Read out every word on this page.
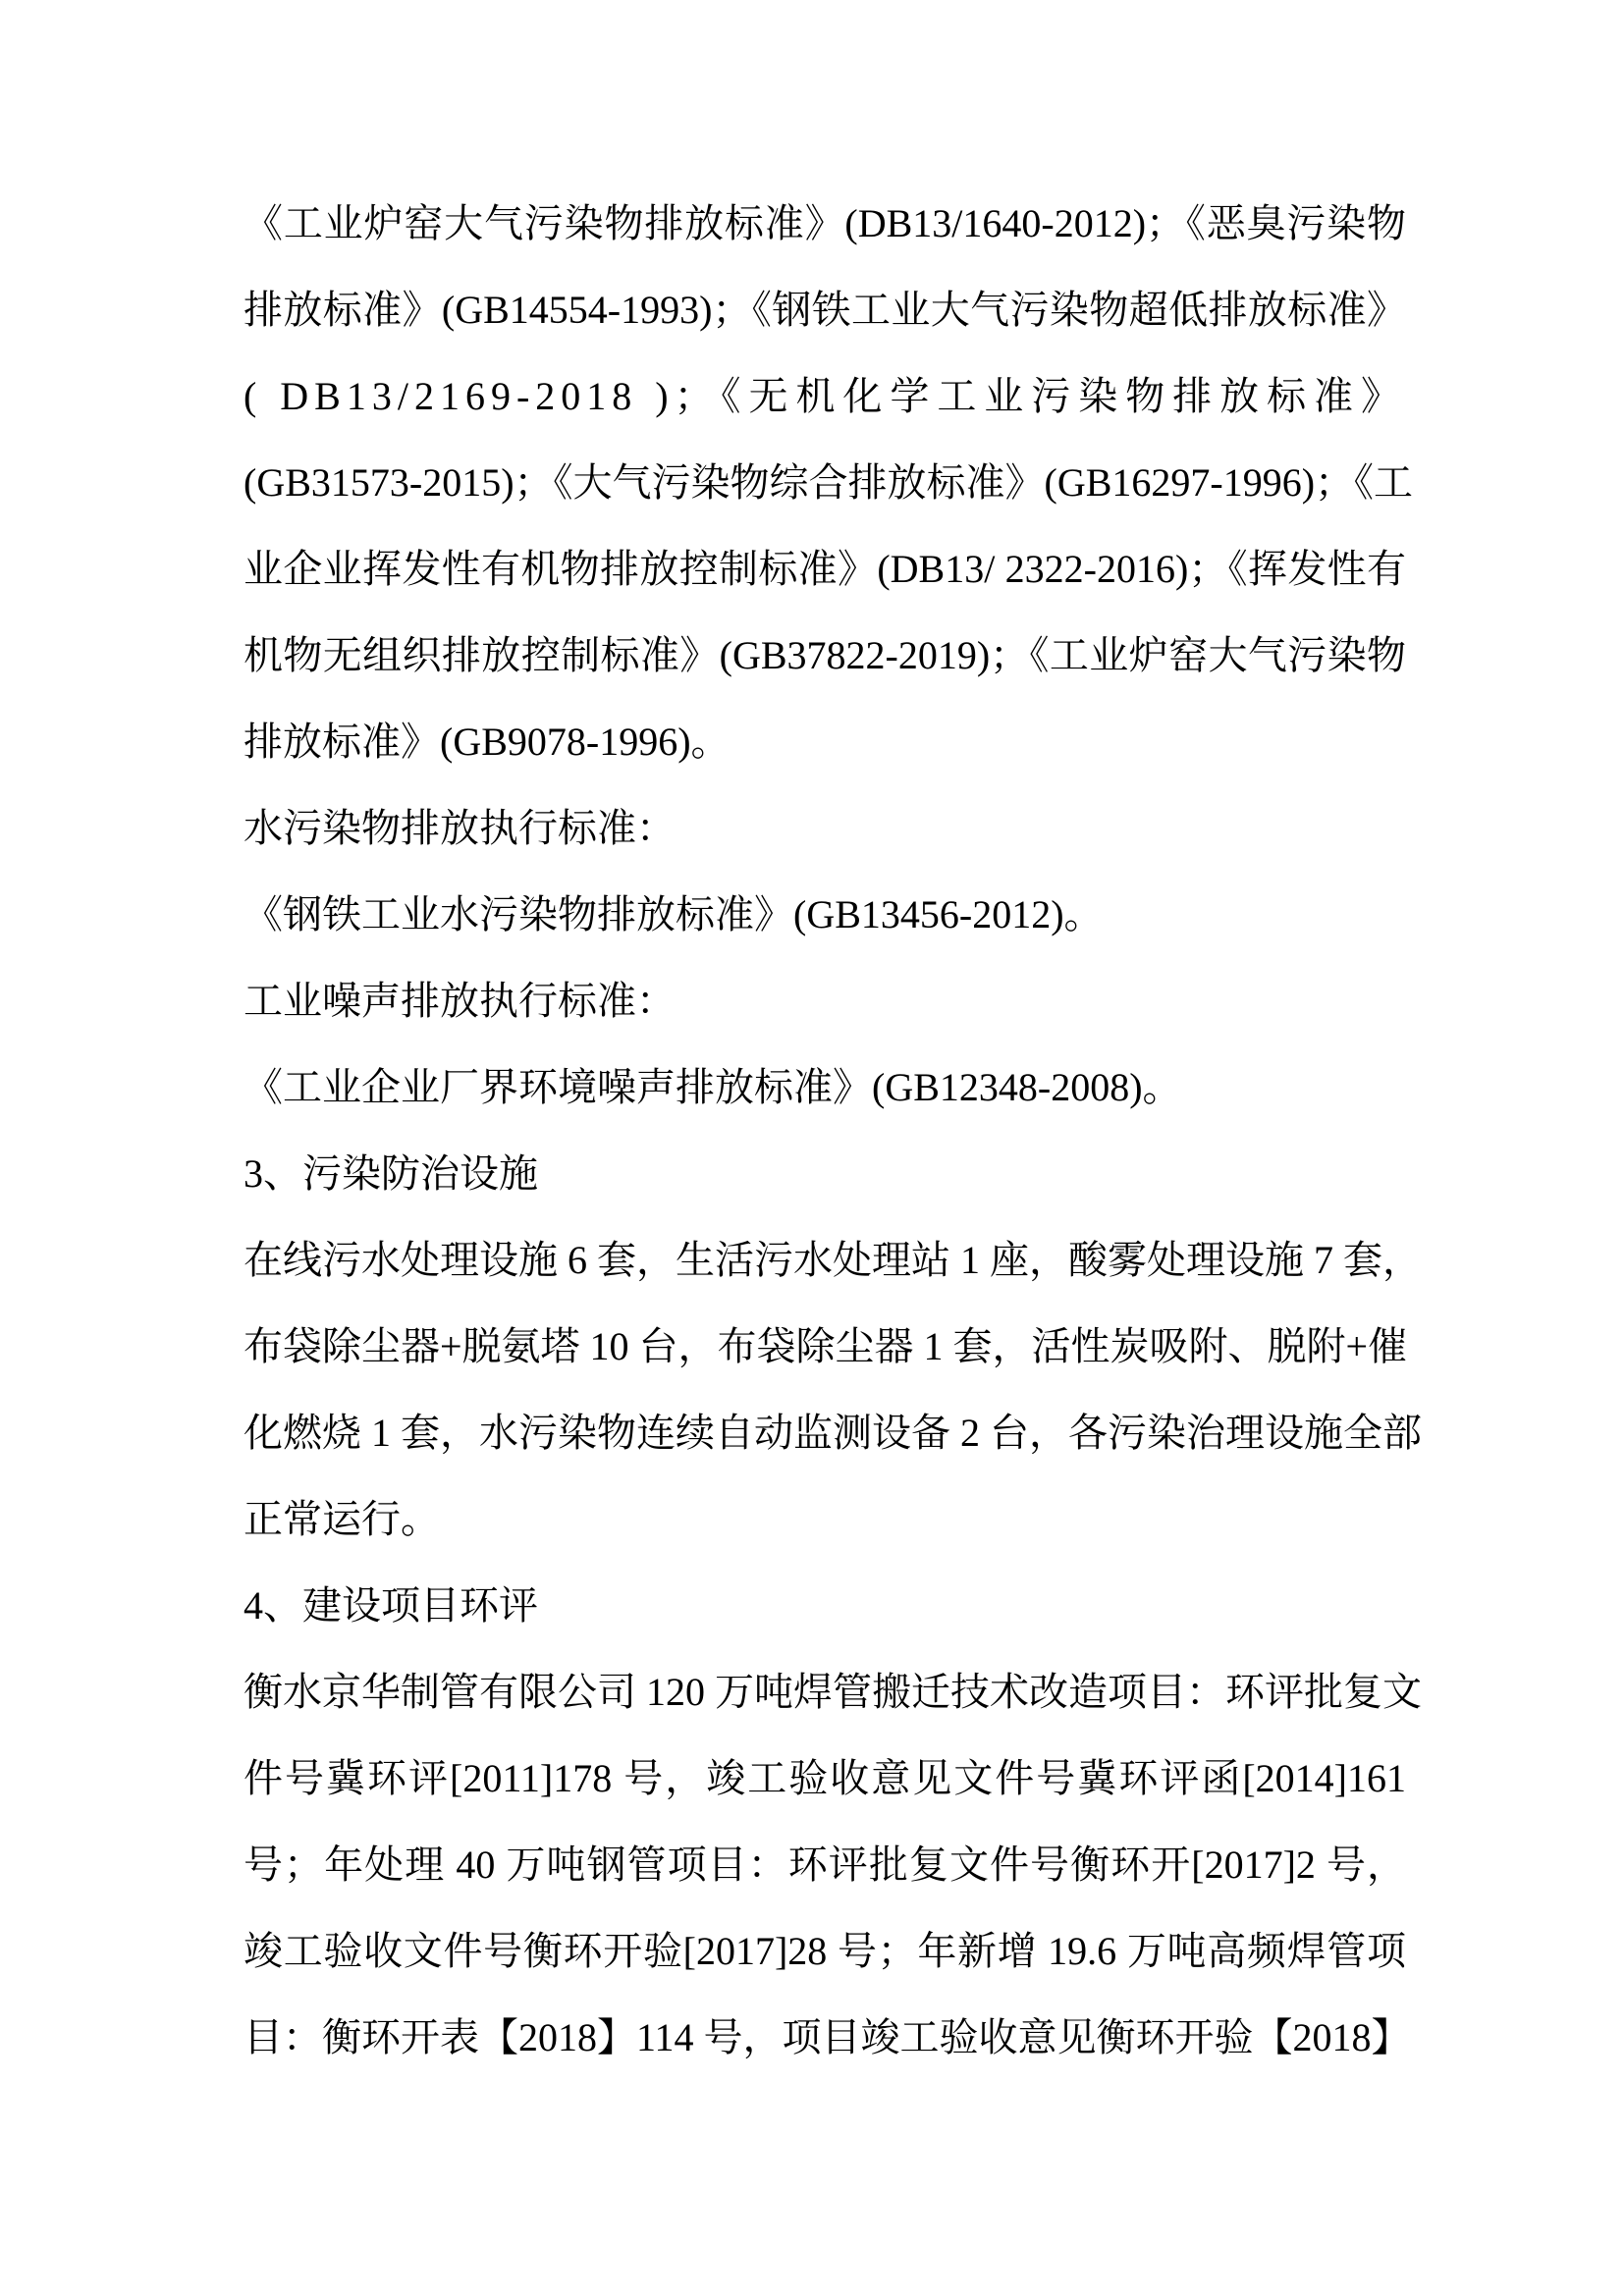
《工业炉窑大气污染物排放标准》(DB13/1640-2012)；《恶臭污染物
排放标准》(GB14554-1993)；《钢铁工业大气污染物超低排放标准》
( DB13/2169-2018 )；《无机化学工业污染物排放标准》
(GB31573-2015)；《大气污染物综合排放标准》(GB16297-1996)；《工
业企业挥发性有机物排放控制标准》(DB13/ 2322-2016)；《挥发性有
机物无组织排放控制标准》(GB37822-2019)；《工业炉窑大气污染物
排放标准》(GB9078-1996)。
水污染物排放执行标准：
《钢铁工业水污染物排放标准》(GB13456-2012)。
工业噪声排放执行标准：
《工业企业厂界环境噪声排放标准》(GB12348-2008)。
3、污染防治设施
在线污水处理设施 6 套，生活污水处理站 1 座，酸雾处理设施 7 套，
布袋除尘器+脱氨塔 10 台，布袋除尘器 1 套，活性炭吸附、脱附+催
化燃烧 1 套，水污染物连续自动监测设备 2 台，各污染治理设施全部
正常运行。
4、建设项目环评
衡水京华制管有限公司 120 万吨焊管搬迁技术改造项目：环评批复文
件号冀环评[2011]178 号，竣工验收意见文件号冀环评函[2014]161
号；年处理 40 万吨钢管项目：环评批复文件号衡环开[2017]2 号，
竣工验收文件号衡环开验[2017]28 号；年新增 19.6 万吨高频焊管项
目：衡环开表【2018】114 号，项目竣工验收意见衡环开验【2018】
